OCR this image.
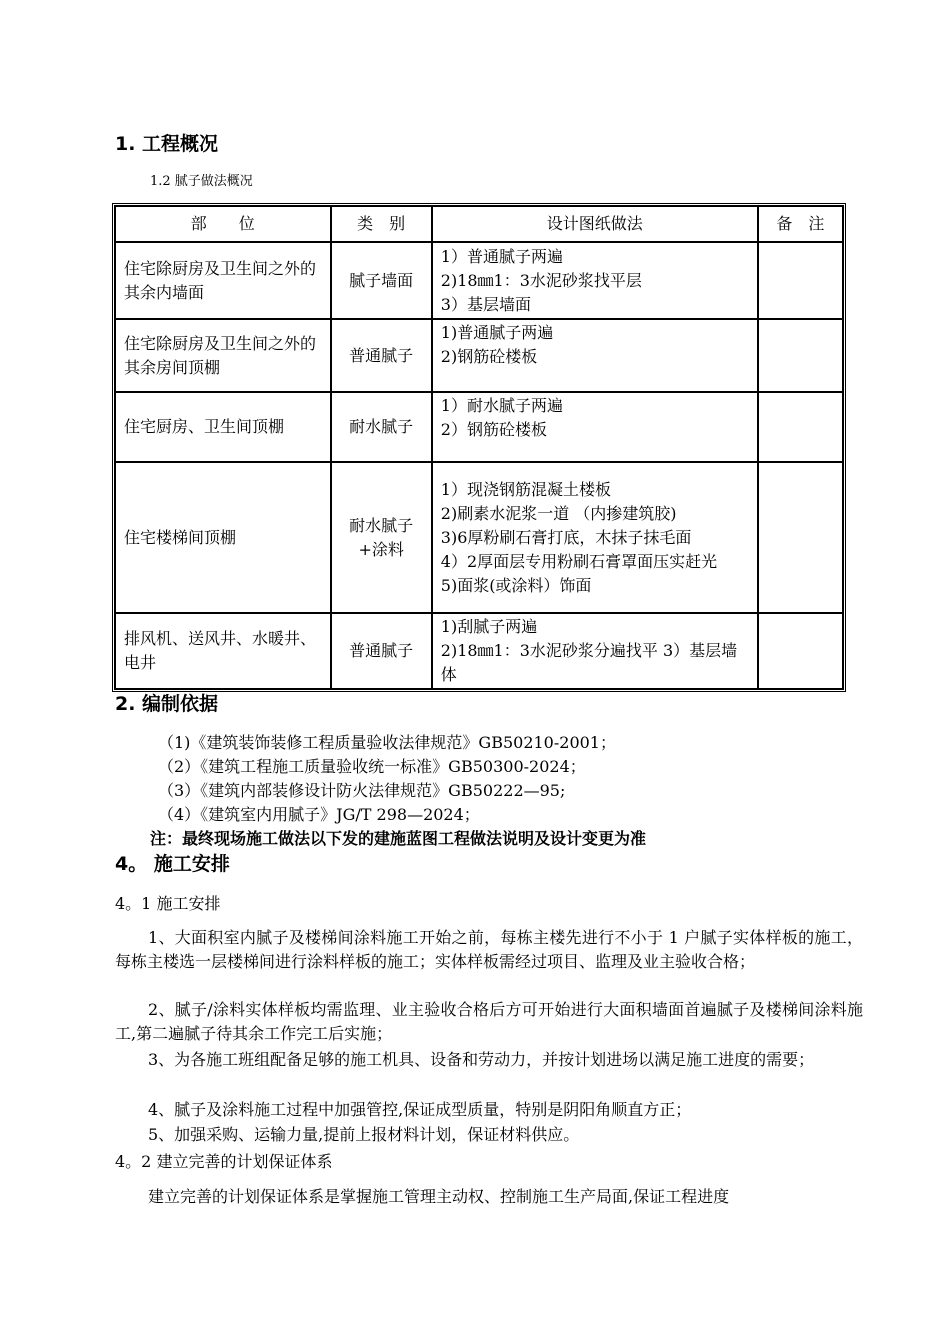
1. 工程概况
1.2 腻子做法概况
部　　位	类　别	设计图纸做法	备　注
住宅除厨房及卫生间之外的其余内墙面	腻子墙面	1）普通腻子两遍
2)18㎜1：3水泥砂浆找平层
3）基层墙面	

住宅除厨房及卫生间之外的其余房间顶棚	普通腻子	1)普通腻子两遍
2)钢筋砼楼板	

住宅厨房、卫生间顶棚	耐水腻子	1）耐水腻子两遍
2）钢筋砼楼板	

住宅楼梯间顶棚	耐水腻子+涂料	1）现浇钢筋混凝土楼板
2)刷素水泥浆一道 （内掺建筑胶)
3)6厚粉刷石膏打底，木抹子抹毛面
4）2厚面层专用粉刷石膏罩面压实赶光
5)面浆(或涂料）饰面	

排风机、送风井、水暖井、电井	普通腻子	1)刮腻子两遍
2)18㎜1：3水泥砂浆分遍找平 3）基层墙体	

2. 编制依据
（1)《建筑装饰装修工程质量验收法律规范》GB50210-2001；
（2）《建筑工程施工质量验收统一标准》GB50300-2024；
（3）《建筑内部装修设计防火法律规范》GB50222—95;
（4）《建筑室内用腻子》JG/T 298—2024；
注：最终现场施工做法以下发的建施蓝图工程做法说明及设计变更为准
4。 施工安排
4。1 施工安排
1、大面积室内腻子及楼梯间涂料施工开始之前，每栋主楼先进行不小于 1 户腻子实体样板的施工，每栋主楼选一层楼梯间进行涂料样板的施工；实体样板需经过项目、监理及业主验收合格；
2、腻子/涂料实体样板均需监理、业主验收合格后方可开始进行大面积墙面首遍腻子及楼梯间涂料施工,第二遍腻子待其余工作完工后实施；
3、为各施工班组配备足够的施工机具、设备和劳动力，并按计划进场以满足施工进度的需要；
4、腻子及涂料施工过程中加强管控,保证成型质量，特别是阴阳角顺直方正；
5、加强采购、运输力量,提前上报材料计划，保证材料供应。
4。2 建立完善的计划保证体系
建立完善的计划保证体系是掌握施工管理主动权、控制施工生产局面,保证工程进度
